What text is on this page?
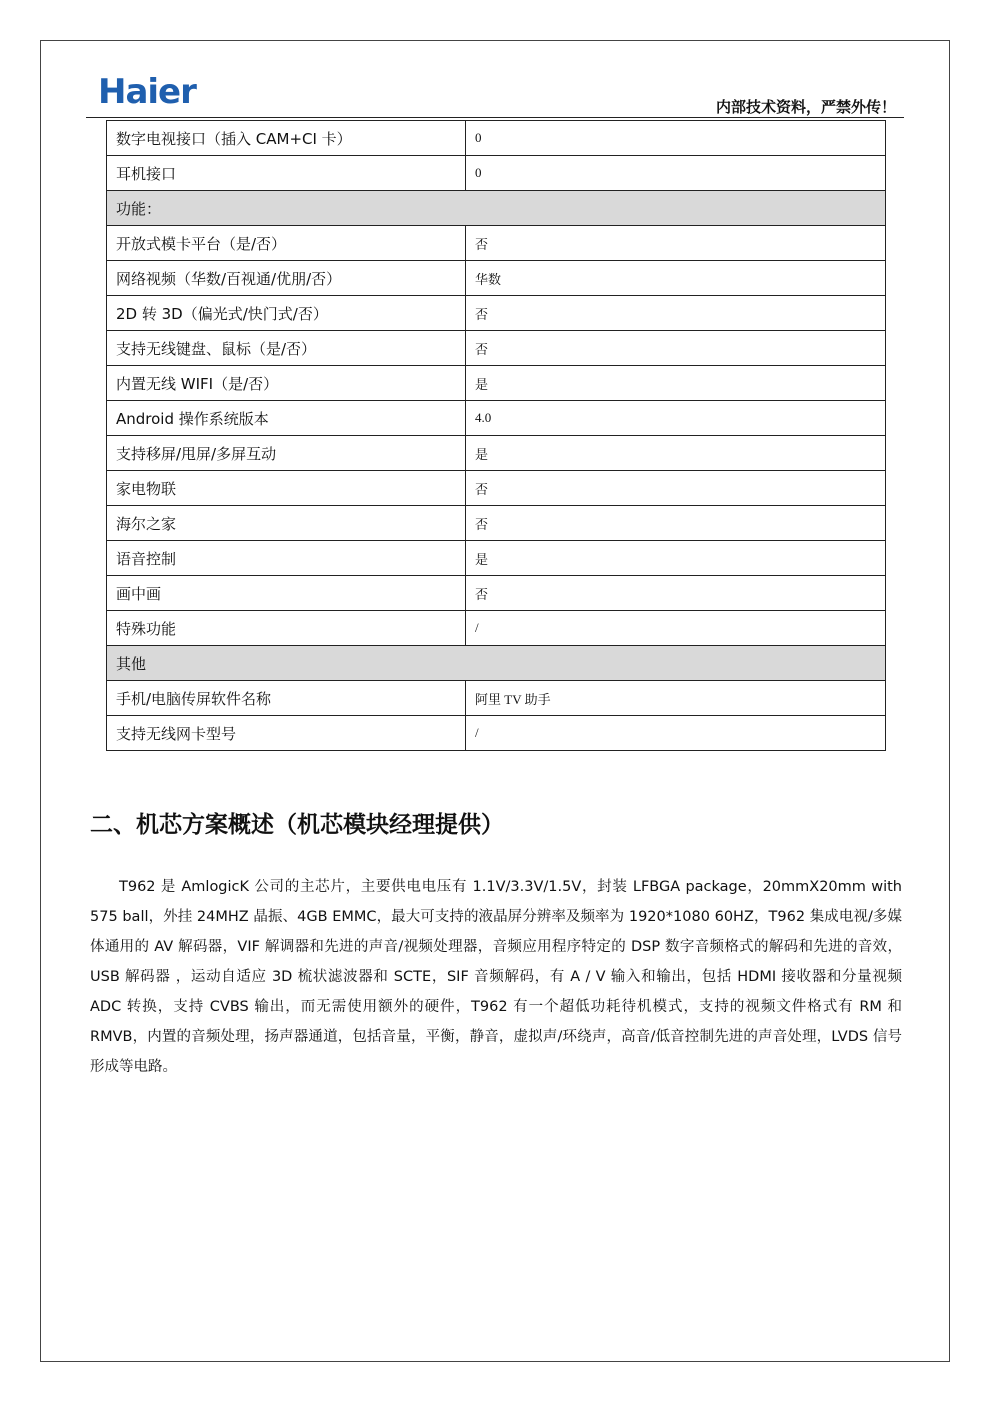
Haier	内部技术资料，严禁外传！
数字电视接口（插入 CAM+CI 卡）	0
耳机接口	0
功能：	
开放式模卡平台（是/否）	否
网络视频（华数/百视通/优朋/否）	华数
2D 转 3D（偏光式/快门式/否）	否
支持无线键盘、鼠标（是/否）	否
内置无线 WIFI（是/否）	是
Android 操作系统版本	4.0
支持移屏/甩屏/多屏互动	是
家电物联	否
海尔之家	否
语音控制	是
画中画	否
特殊功能	/
其他	
手机/电脑传屏软件名称	阿里 TV 助手
支持无线网卡型号	/
二、机芯方案概述（机芯模块经理提供）
T962 是 AmlogicK 公司的主芯片，主要供电电压有 1.1V/3.3V/1.5V，封装 LFBGA package，20mmX20mm with 575 ball，外挂 24MHZ 晶振、4GB EMMC，最大可支持的液晶屏分辨率及频率为 1920*1080 60HZ，T962 集成电视/多媒体通用的 AV 解码器，VIF 解调器和先进的声音/视频处理器，音频应用程序特定的 DSP 数字音频格式的解码和先进的音效，USB 解码器 ，运动自适应 3D 梳状滤波器和 SCTE，SIF 音频解码，有 A / V 输入和输出，包括 HDMI 接收器和分量视频 ADC 转换，支持 CVBS 输出，而无需使用额外的硬件，T962 有一个超低功耗待机模式，支持的视频文件格式有 RM 和 RMVB，内置的音频处理，扬声器通道，包括音量，平衡，静音，虚拟声/环绕声，高音/低音控制先进的声音处理，LVDS 信号形成等电路。
